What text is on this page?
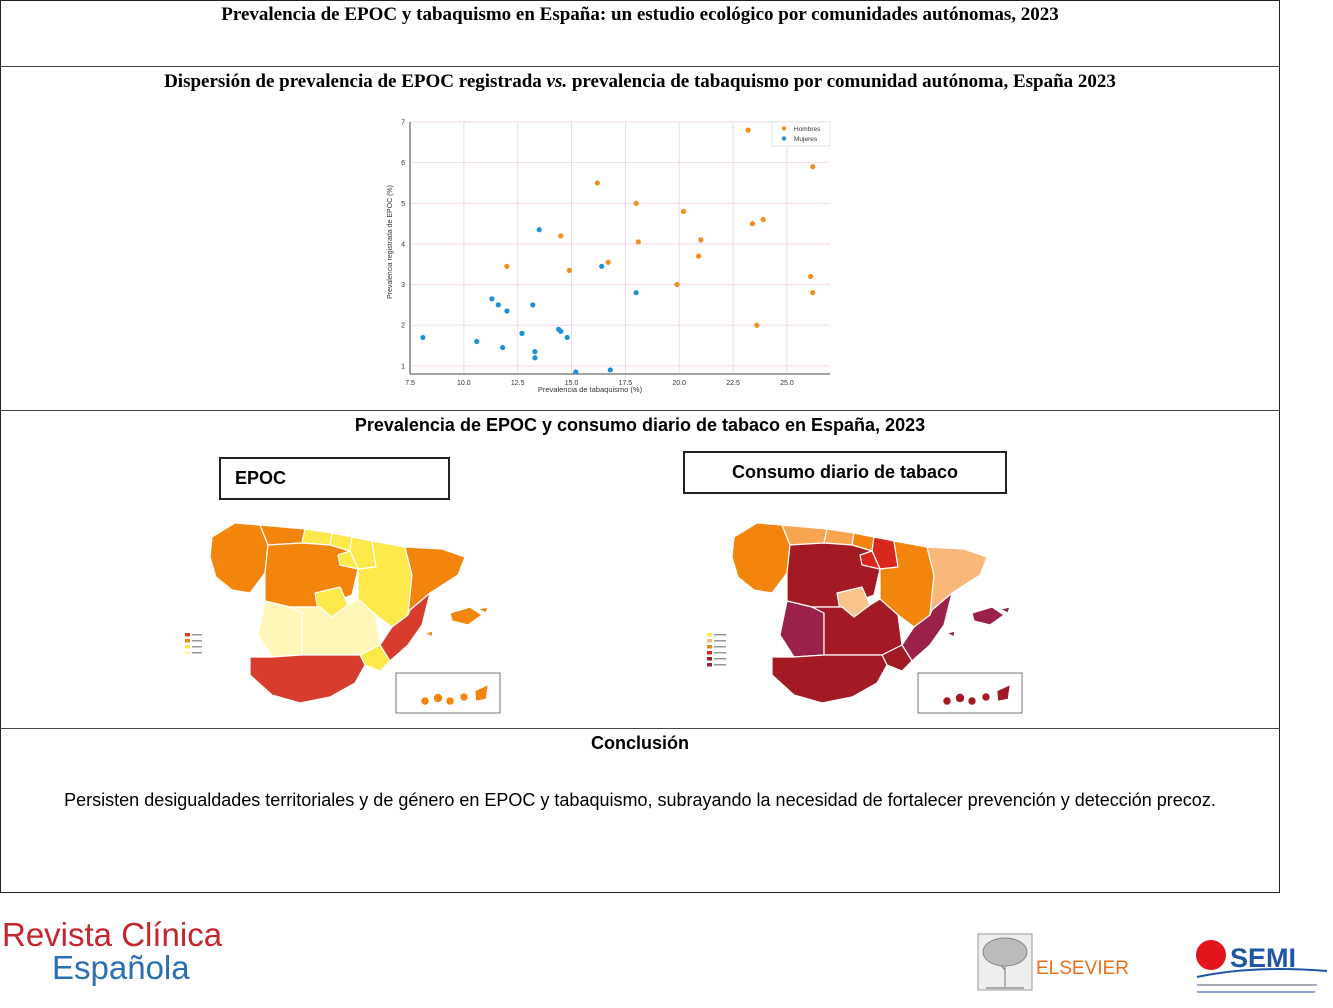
Prevalencia de EPOC y tabaquismo en España: un estudio ecológico por comunidades autónomas, 2023
Dispersión de prevalencia de EPOC registrada vs. prevalencia de tabaquismo por comunidad autónoma, España 2023
7.5	10.0	12.5	15.0	17.5	20.0	22.5	25.0
1
2
3
4
5
6
7
Prevalencia de tabaquismo (%)
Prevalencia registrada de EPOC (%)
Hombres
Mujeres
Prevalencia de EPOC y consumo diario de tabaco en España, 2023
EPOC	Consumo diario de tabaco
Conclusión
Persisten desigualdades territoriales y de género en EPOC y tabaquismo, subrayando la necesidad de fortalecer prevención y detección precoz.
Revista Clínica
Española	ELSEVIER	SEMI
